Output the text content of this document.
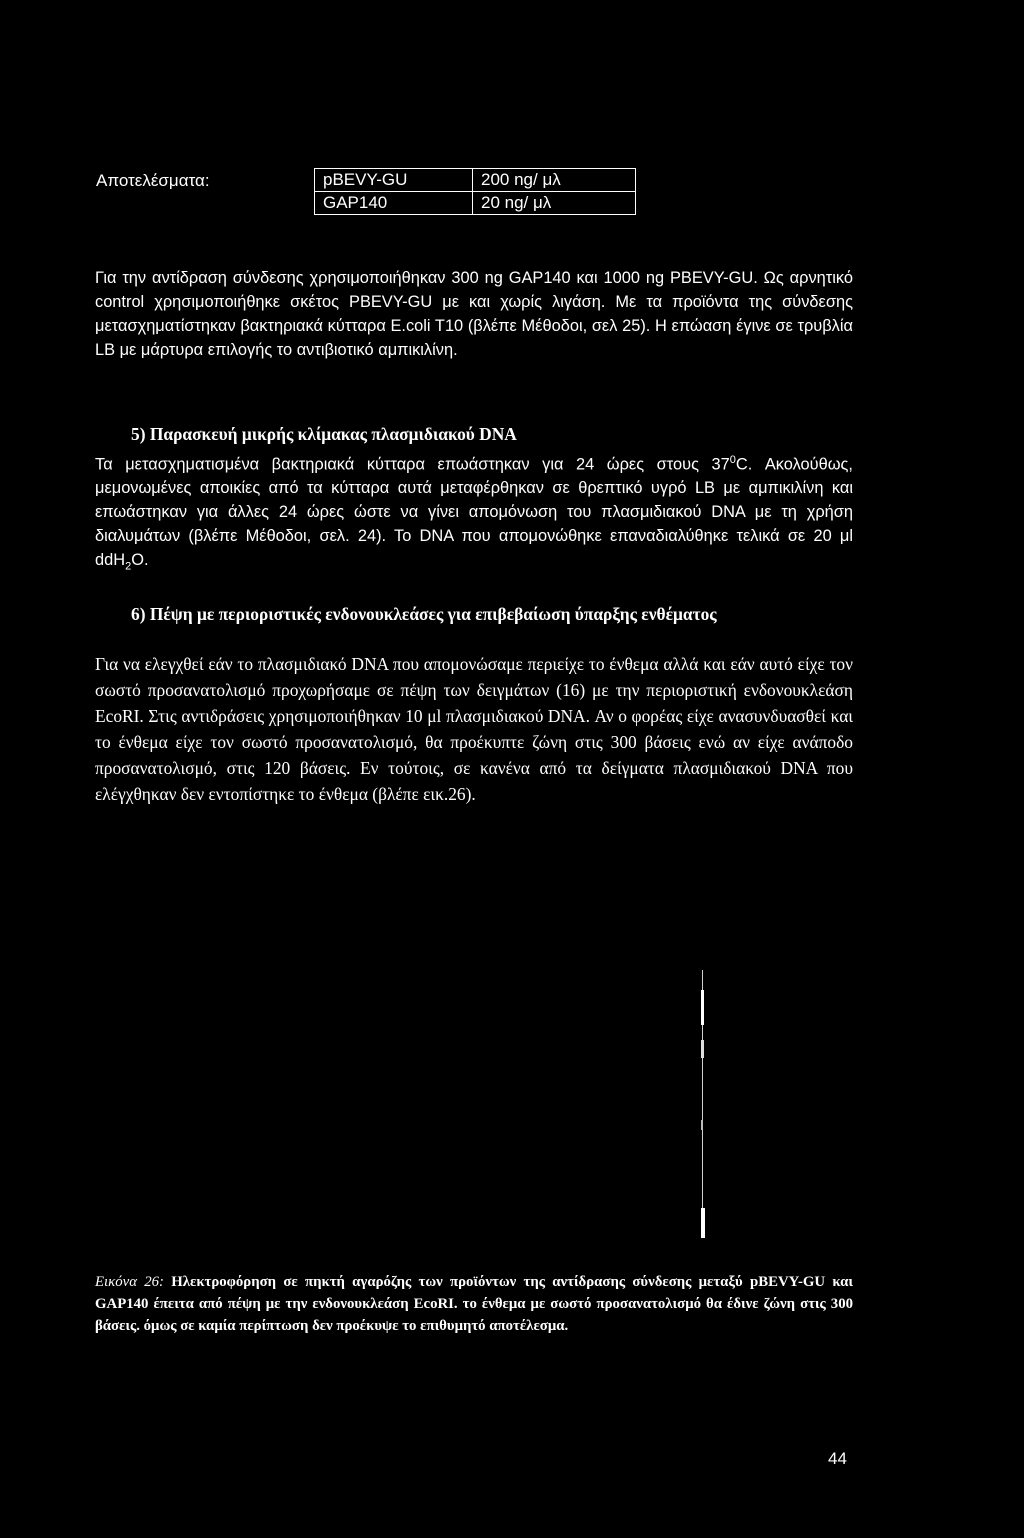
Αποτελέσματα:	pBEVY-GU	200 ng/ μλ
GAP140	20 ng/ μλ
Για την αντίδραση σύνδεσης χρησιμοποιήθηκαν 300 ng GAP140 και 1000 ng PBEVY-GU. Ως αρνητικό control χρησιμοποιήθηκε σκέτος PBEVY-GU με και χωρίς λιγάση. Με τα προϊόντα της σύνδεσης μετασχηματίστηκαν βακτηριακά κύτταρα E.coli T10 (βλέπε Μέθοδοι, σελ 25). Η επώαση έγινε σε τρυβλία LB με μάρτυρα επιλογής το αντιβιοτικό αμπικιλίνη.
5) Παρασκευή μικρής κλίμακας πλασμιδιακού DNA
Τα μετασχηματισμένα βακτηριακά κύτταρα επωάστηκαν για 24 ώρες στους $37^0C$. Ακολούθως, μεμονωμένες αποικίες από τα κύτταρα αυτά μεταφέρθηκαν σε θρεπτικό υγρό LB με αμπικιλίνη και επωάστηκαν για άλλες 24 ώρες ώστε να γίνει απομόνωση του πλασμιδιακού DNA με τη χρήση διαλυμάτων (βλέπε Μέθοδοι, σελ. 24). Το DNA που απομονώθηκε επαναδιαλύθηκε τελικά σε 20 μl ddH$_2$O.
6) Πέψη με περιοριστικές ενδονουκλεάσες για επιβεβαίωση ύπαρξης ενθέματος
Για να ελεγχθεί εάν το πλασμιδιακό DNA που απομονώσαμε περιείχε το ένθεμα αλλά και εάν αυτό είχε τον σωστό προσανατολισμό προχωρήσαμε σε πέψη των δειγμάτων (16) με την περιοριστική ενδονουκλεάση EcoRI. Στις αντιδράσεις χρησιμοποιήθηκαν 10 μl πλασμιδιακού DNA. Αν ο φορέας είχε ανασυνδυασθεί και το ένθεμα είχε τον σωστό προσανατολισμό, θα προέκυπτε ζώνη στις 300 βάσεις ενώ αν είχε ανάποδο προσανατολισμό, στις 120 βάσεις. Εν τούτοις, σε κανένα από τα δείγματα πλασμιδιακού DNA που ελέγχθηκαν δεν εντοπίστηκε το ένθεμα (βλέπε εικ.26).
Εικόνα 26: Ηλεκτροφόρηση σε πηκτή αγαρόζης των προϊόντων της αντίδρασης σύνδεσης μεταξύ pBEVY-GU και GAP140 έπειτα από πέψη με την ενδονουκλεάση EcoRI. το ένθεμα με σωστό προσανατολισμό θα έδινε ζώνη στις 300 βάσεις. όμως σε καμία περίπτωση δεν προέκυψε το επιθυμητό αποτέλεσμα.
44
